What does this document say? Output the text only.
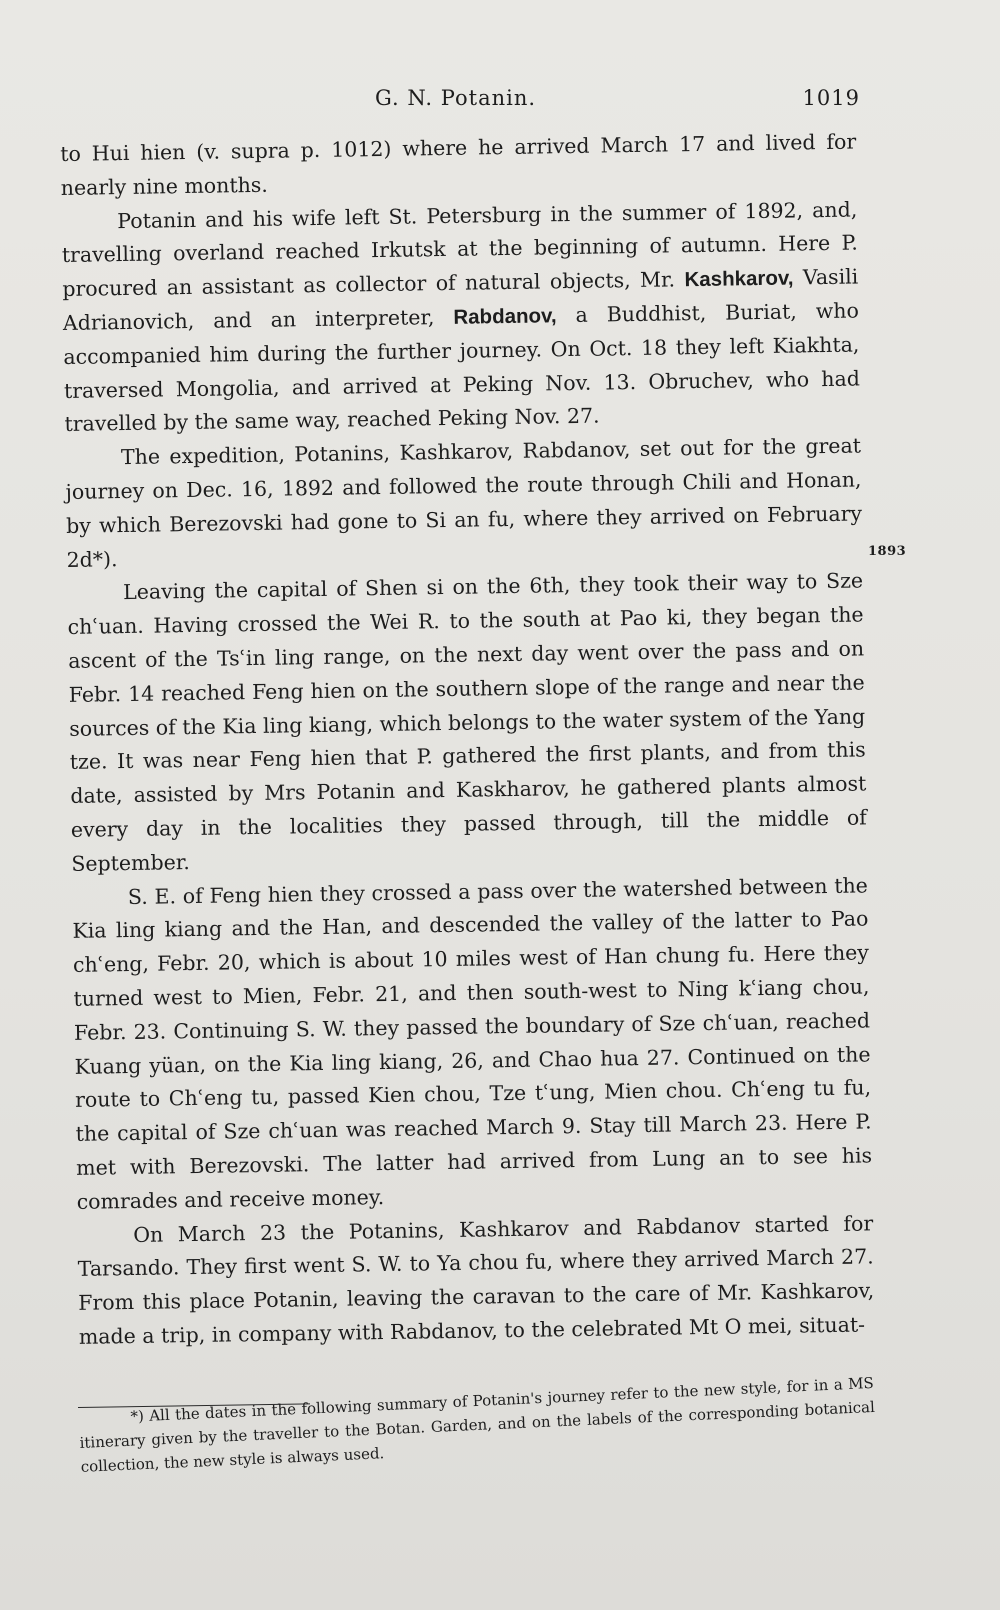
G. N. Potanin.	1019

to Hui hien (v. supra p. 1012) where he arrived March 17 and lived for nearly nine months.

Potanin and his wife left St. Petersburg in the summer of 1892, and, travelling overland reached Irkutsk at the beginning of autumn. Here P. procured an assistant as collector of natural objects, Mr. Kashkarov, Vasili Adrianovich, and an interpreter, Rabdanov, a Buddhist, Buriat, who accompanied him during the further journey. On Oct. 18 they left Kiakhta, traversed Mongolia, and arrived at Peking Nov. 13. Obruchev, who had travelled by the same way, reached Peking Nov. 27.

The expedition, Potanins, Kashkarov, Rabdanov, set out for the great journey on Dec. 16, 1892 and followed the route through Chili and Honan, by which Berezovski had gone to Si an fu, where they arrived on February 2d*).

Leaving the capital of Shen si on the 6th, they took their way to Sze chʿuan. Having crossed the Wei R. to the south at Pao ki, they began the ascent of the Tsʿin ling range, on the next day went over the pass and on Febr. 14 reached Feng hien on the southern slope of the range and near the sources of the Kia ling kiang, which belongs to the water system of the Yang tze. It was near Feng hien that P. gathered the first plants, and from this date, assisted by Mrs Potanin and Kaskharov, he gathered plants almost every day in the localities they passed through, till the middle of September.

S. E. of Feng hien they crossed a pass over the watershed between the Kia ling kiang and the Han, and descended the valley of the latter to Pao chʿeng, Febr. 20, which is about 10 miles west of Han chung fu. Here they turned west to Mien, Febr. 21, and then south-west to Ning kʿiang chou, Febr. 23. Continuing S. W. they passed the boundary of Sze chʿuan, reached Kuang yüan, on the Kia ling kiang, 26, and Chao hua 27. Continued on the route to Chʿeng tu, passed Kien chou, Tze tʿung, Mien chou. Chʿeng tu fu, the capital of Sze chʿuan was reached March 9. Stay till March 23. Here P. met with Berezovski. The latter had arrived from Lung an to see his comrades and receive money.

On March 23 the Potanins, Kashkarov and Rabdanov started for Tarsando. They first went S. W. to Ya chou fu, where they arrived March 27. From this place Potanin, leaving the caravan to the care of Mr. Kashkarov, made a trip, in company with Rabdanov, to the celebrated Mt O mei, situat-

1893

*) All the dates in the following summary of Potanin's journey refer to the new style, for in a MS itinerary given by the traveller to the Botan. Garden, and on the labels of the corresponding botanical collection, the new style is always used.
